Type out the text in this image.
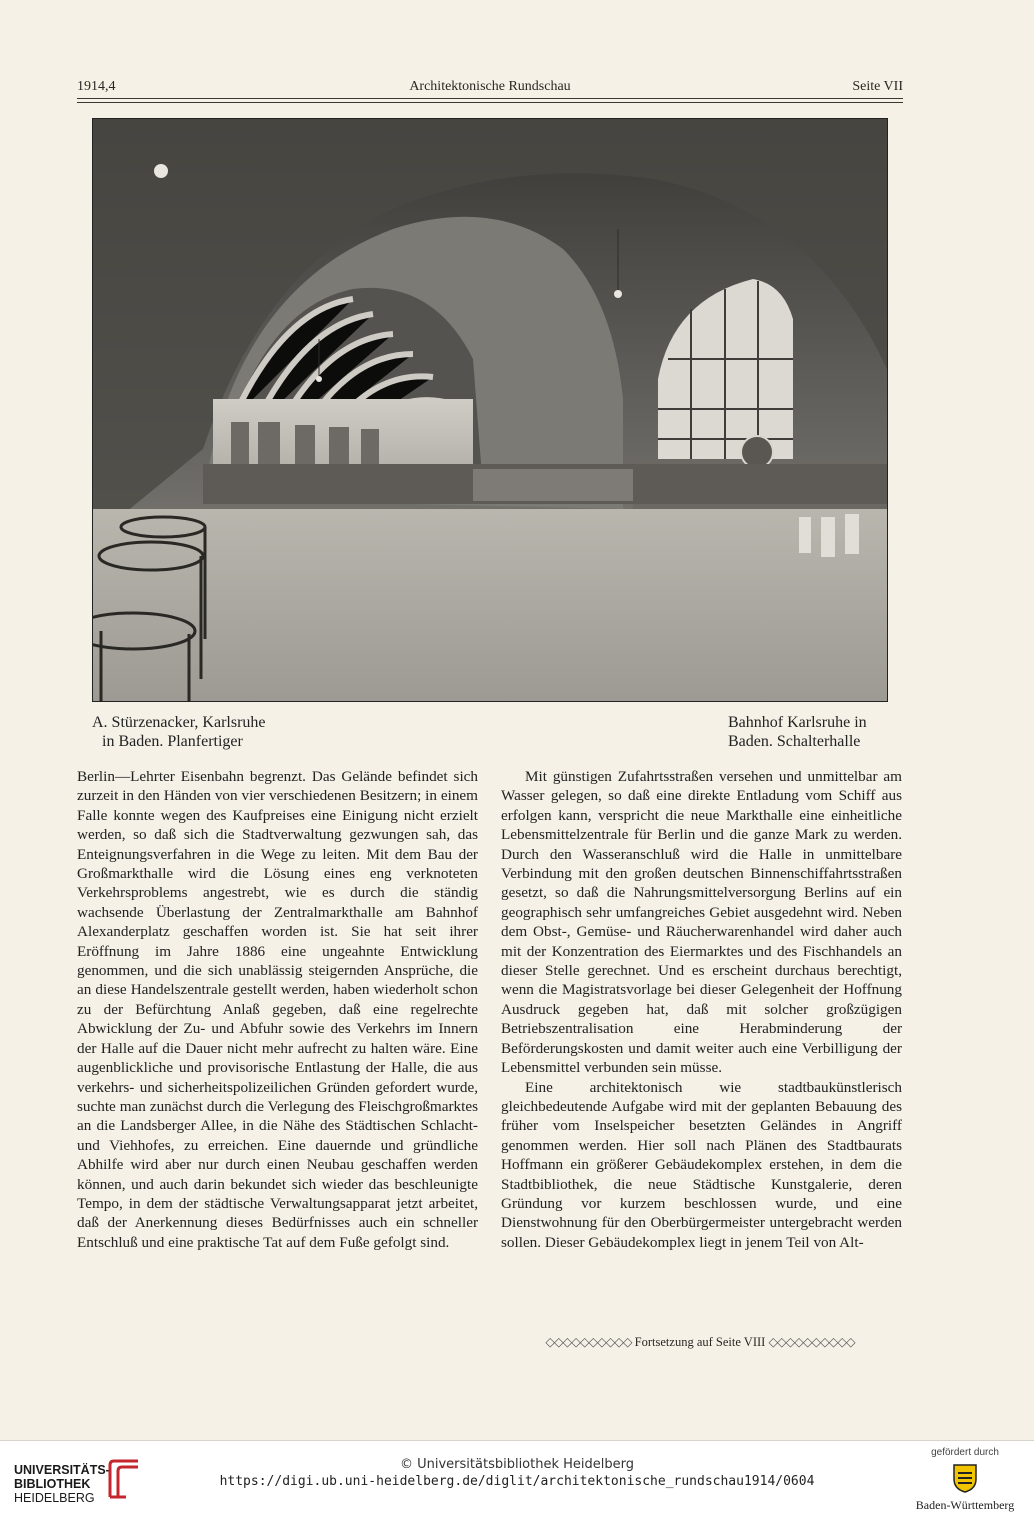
1914,4	Architektonische Rundschau	Seite VII
A. Stürzenacker, Karlsruhe
in Baden. Planfertiger
Bahnhof Karlsruhe in
Baden. Schalterhalle

Berlin—Lehrter Eisenbahn begrenzt. Das Gelände befindet sich zurzeit in den Händen von vier verschiedenen Besitzern; in einem Falle konnte wegen des Kaufpreises eine Einigung nicht erzielt werden, so daß sich die Stadtverwaltung gezwungen sah, das Enteignungsverfahren in die Wege zu leiten. Mit dem Bau der Großmarkthalle wird die Lösung eines eng verknoteten Verkehrsproblems angestrebt, wie es durch die ständig wachsende Überlastung der Zentralmarkthalle am Bahnhof Alexanderplatz geschaffen worden ist. Sie hat seit ihrer Eröffnung im Jahre 1886 eine ungeahnte Entwicklung genommen, und die sich unablässig steigernden Ansprüche, die an diese Handelszentrale gestellt werden, haben wiederholt schon zu der Befürchtung Anlaß gegeben, daß eine regelrechte Abwicklung der Zu- und Abfuhr sowie des Verkehrs im Innern der Halle auf die Dauer nicht mehr aufrecht zu halten wäre. Eine augenblickliche und provisorische Entlastung der Halle, die aus verkehrs- und sicherheitspolizeilichen Gründen gefordert wurde, suchte man zunächst durch die Verlegung des Fleischgroßmarktes an die Landsberger Allee, in die Nähe des Städtischen Schlacht- und Viehhofes, zu erreichen. Eine dauernde und gründliche Abhilfe wird aber nur durch einen Neubau geschaffen werden können, und auch darin bekundet sich wieder das beschleunigte Tempo, in dem der städtische Verwaltungsapparat jetzt arbeitet, daß der Anerkennung dieses Bedürfnisses auch ein schneller Entschluß und eine praktische Tat auf dem Fuße gefolgt sind.

Mit günstigen Zufahrtsstraßen versehen und unmittelbar am Wasser gelegen, so daß eine direkte Entladung vom Schiff aus erfolgen kann, verspricht die neue Markthalle eine einheitliche Lebensmittelzentrale für Berlin und die ganze Mark zu werden. Durch den Wasseranschluß wird die Halle in unmittelbare Verbindung mit den großen deutschen Binnenschiffahrtsstraßen gesetzt, so daß die Nahrungsmittelversorgung Berlins auf ein geographisch sehr umfangreiches Gebiet ausgedehnt wird. Neben dem Obst-, Gemüse- und Räucherwarenhandel wird daher auch mit der Konzentration des Eiermarktes und des Fischhandels an dieser Stelle gerechnet. Und es erscheint durchaus berechtigt, wenn die Magistratsvorlage bei dieser Gelegenheit der Hoffnung Ausdruck gegeben hat, daß mit solcher großzügigen Betriebszentralisation eine Herabminderung der Beförderungskosten und damit weiter auch eine Verbilligung der Lebensmittel verbunden sein müsse.

Eine architektonisch wie stadtbaukünstlerisch gleichbedeutende Aufgabe wird mit der geplanten Bebauung des früher vom Inselspeicher besetzten Geländes in Angriff genommen werden. Hier soll nach Plänen des Stadtbaurats Hoffmann ein größerer Gebäudekomplex erstehen, in dem die Stadtbibliothek, die neue Städtische Kunstgalerie, deren Gründung vor kurzem beschlossen wurde, und eine Dienstwohnung für den Oberbürgermeister untergebracht werden sollen. Dieser Gebäudekomplex liegt in jenem Teil von Alt-

◇◇◇◇◇◇◇◇◇◇ Fortsetzung auf Seite VIII ◇◇◇◇◇◇◇◇◇◇
UNIVERSITÄTS-
BIBLIOTHEK
HEIDELBERG
© Universitätsbibliothek Heidelberg
https://digi.ub.uni-heidelberg.de/diglit/architektonische_rundschau1914/0604
gefördert durch
Baden-Württemberg
